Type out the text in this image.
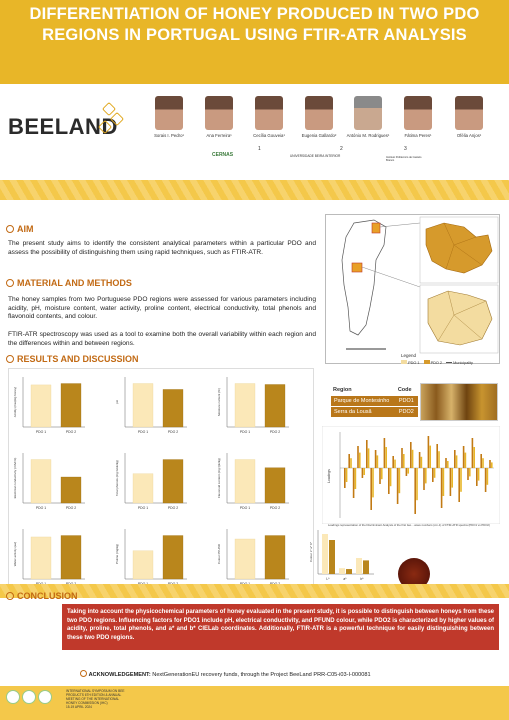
DIFFERENTIATION OF HONEY PRODUCED IN TWO PDO REGIONS IN PORTUGAL USING FTIR-ATR ANALYSIS
BEELAND	Sorais I. Pedro¹	Ana Ferreira¹	Cecília Gouveia¹	Eugenia Gallardo²	António M. Rodrigues¹	Fátima Peres¹	Ofélia Anjos¹
1
CERNAS
2
UNIVERSIDADE BEIRA INTERIOR
3
Instituto Politécnico de Castelo Branco
AIM
The present study aims to identify the consistent analytical parameters within a particular PDO and assess the possibility of distinguishing them using rapid techniques, such as FTIR-ATR.
MATERIAL AND METHODS
The honey samples from two Portuguese PDO regions were assessed for various parameters including acidity, pH, moisture content, water activity, proline content, electrical conductivity, total phenols and flavonoid contents, and colour.
FTIR-ATR spectroscopy was used as a tool to examine both the overall variability within each region and the differences within and between regions.
Legend
PDO 1	PDO 2	Municipality
RESULTS AND DISCUSSION
Acidity (meq/kg honey)
PDO 1	PDO 2
pH
PDO 1	PDO 2
Moisture content (%)
PDO 1	PDO 2
Electrical conductivity (mS/cm)
PDO 1	PDO 2
Total phenols (mg GAE/kg)
PDO 1	PDO 2
Flavonoid content (mg QE/kg)
PDO 1	PDO 2
Water activity (aw)	Proline (mg/kg)	Colour PFUND
Region	Code
Parque de Montesinho	PDO1
Serra da Lousã	PDO2
Loadings
Loadings representation of the Discriminant Analysis of the first two... wave numbers (cm-1) of FTIR-ATR spectra (PDO1 vs PDO2)
CONCLUSION
Taking into account the physicochemical parameters of honey evaluated in the present study, it is possible to distinguish between honeys from these two PDO regions. Influencing factors for PDO1 include pH, electrical conductivity, and PFUND colour, while PDO2 is characterized by higher values of acidity, proline, total phenols, and a* and b* CIELab coordinates. Additionally, FTIR-ATR is a powerful technique for easily distinguishing between these two PDO regions.
ACKNOWLEDGEMENT: NextGenerationEU recovery funds, through the Project BeeLand PRR-C05-i03-I-000081
INTERNATIONAL SYMPOSIUM ON BEE PRODUCTS 6TH EDITION & ANNUAL MEETING OF THE INTERNATIONAL HONEY COMMISSION (IHC)
15-19 APRIL 2024
Colour L* a* b*
L*	a*	b*
